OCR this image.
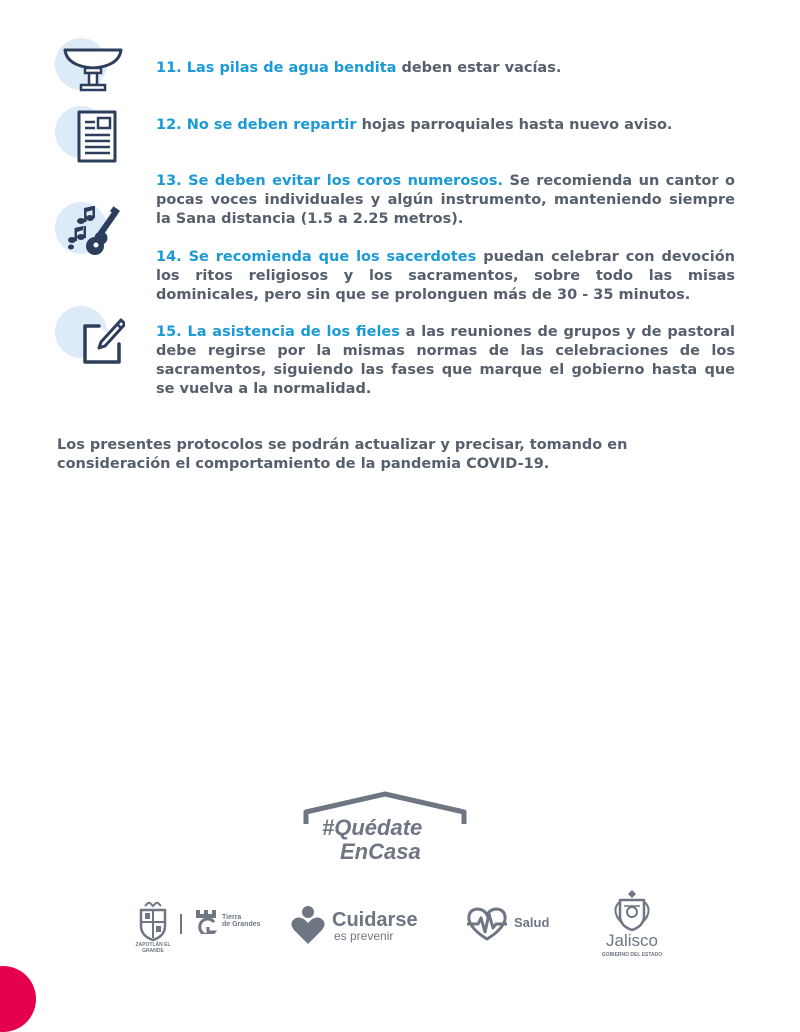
11. Las pilas de agua bendita deben estar vacías.
12. No se deben repartir hojas parroquiales hasta nuevo aviso.
13. Se deben evitar los coros numerosos. Se recomienda un cantor o pocas voces individuales y algún instrumento, manteniendo siempre la Sana distancia (1.5 a 2.25 metros).
14. Se recomienda que los sacerdotes puedan celebrar con devoción los ritos religiosos y los sacramentos, sobre todo las misas dominicales, pero sin que se prolonguen más de 30 - 35 minutos.
15. La asistencia de los fieles a las reuniones de grupos y de pastoral debe regirse por la mismas normas de las celebraciones de los sacramentos, siguiendo las fases que marque el gobierno hasta que se vuelva a la normalidad.
Los presentes protocolos se podrán actualizar y precisar, tomando en consideración el comportamiento de la pandemia COVID-19.
#Quédate
EnCasa
ZAPOTLÁN EL GRANDE
Tierra
de Grandes	Cuidarse
es prevenir
Salud
Jalisco
GOBIERNO DEL ESTADO
